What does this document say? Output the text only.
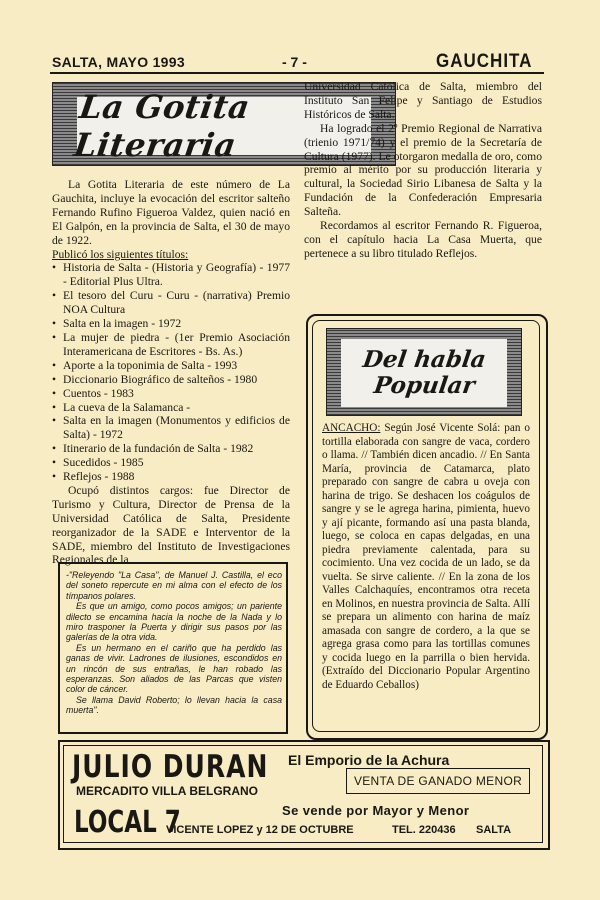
SALTA, MAYO 1993	- 7 -	GAUCHITA
La Gotita Literaria

La Gotita Literaria de este número de La Gauchita, incluye la evocación del escritor salteño Fernando Rufino Figueroa Valdez, quien nació en El Galpón, en la provincia de Salta, el 30 de mayo de 1922.

Publicó los siguientes títulos:

• Historia de Salta - (Historia y Geografía) - 1977 - Editorial Plus Ultra.
• El tesoro del Curu - Curu - (narrativa) Premio NOA Cultura
• Salta en la imagen - 1972
• La mujer de piedra - (1er Premio Asociación Interamericana de Escritores - Bs. As.)
• Aporte a la toponimia de Salta - 1993
• Diccionario Biográfico de salteños - 1980
• Cuentos - 1983
• La cueva de la Salamanca -
• Salta en la imagen (Monumentos y edificios de Salta) - 1972
• Itinerario de la fundación de Salta - 1982
• Sucedidos - 1985
• Reflejos - 1988

Ocupó distintos cargos: fue Director de Turismo y Cultura, Director de Prensa de la Universidad Católica de Salta, Presidente reorganizador de la SADE e Interventor de la SADE, miembro del Instituto de Investigaciones Regionales de la

-"Releyendo "La Casa", de Manuel J. Castilla, el eco del soneto repercute en mi alma con el efecto de los tímpanos polares.

Es que un amigo, como pocos amigos; un pariente dilecto se encamina hacia la noche de la Nada y lo miro trasponer la Puerta y dirigir sus pasos por las galerías de la otra vida.

Es un hermano en el cariño que ha perdido las ganas de vivir. Ladrones de ilusiones, escondidos en un rincón de sus entrañas, le han robado las esperanzas. Son aliados de las Parcas que visten color de cáncer.

Se llama David Roberto; lo llevan hacia la casa muerta".

Universidad Católica de Salta, miembro del Instituto San Felipe y Santiago de Estudios Históricos de Salta.

Ha logrado el 2º Premio Regional de Narrativa (trienio 1971/74) y el premio de la Secretaría de Cultura (1977). Le otorgaron medalla de oro, como premio al mérito por su producción literaria y cultural, la Sociedad Sirio Libanesa de Salta y la Fundación de la Confederación Empresaria Salteña.

Recordamos al escritor Fernando R. Figueroa, con el capítulo hacia La Casa Muerta, que pertenece a su libro titulado Reflejos.

Del habla
Popular

ANCACHO: Según José Vicente Solá: pan o tortilla elaborada con sangre de vaca, cordero o llama. // También dicen ancadio. // En Santa María, provincia de Catamarca, plato preparado con sangre de cabra u oveja con harina de trigo. Se deshacen los coágulos de sangre y se le agrega harina, pimienta, huevo y ají picante, formando así una pasta blanda, luego, se coloca en capas delgadas, en una piedra previamente calentada, para su cocimiento. Una vez cocida de un lado, se da vuelta. Se sirve caliente. // En la zona de los Valles Calchaquíes, encontramos otra receta en Molinos, en nuestra provincia de Salta. Allí se prepara un alimento con harina de maíz amasada con sangre de cordero, a la que se agrega grasa como para las tortillas comunes y cocida luego en la parrilla o bien hervida. (Extraído del Diccionario Popular Argentino de Eduardo Ceballos)

JULIO DURAN El Emporio de la Achura
VENTA DE GANADO MENOR
MERCADITO VILLA BELGRANO
LOCAL 7	Se vende por Mayor y Menor
VICENTE LOPEZ y 12 DE OCTUBRE	TEL. 220436 SALTA
